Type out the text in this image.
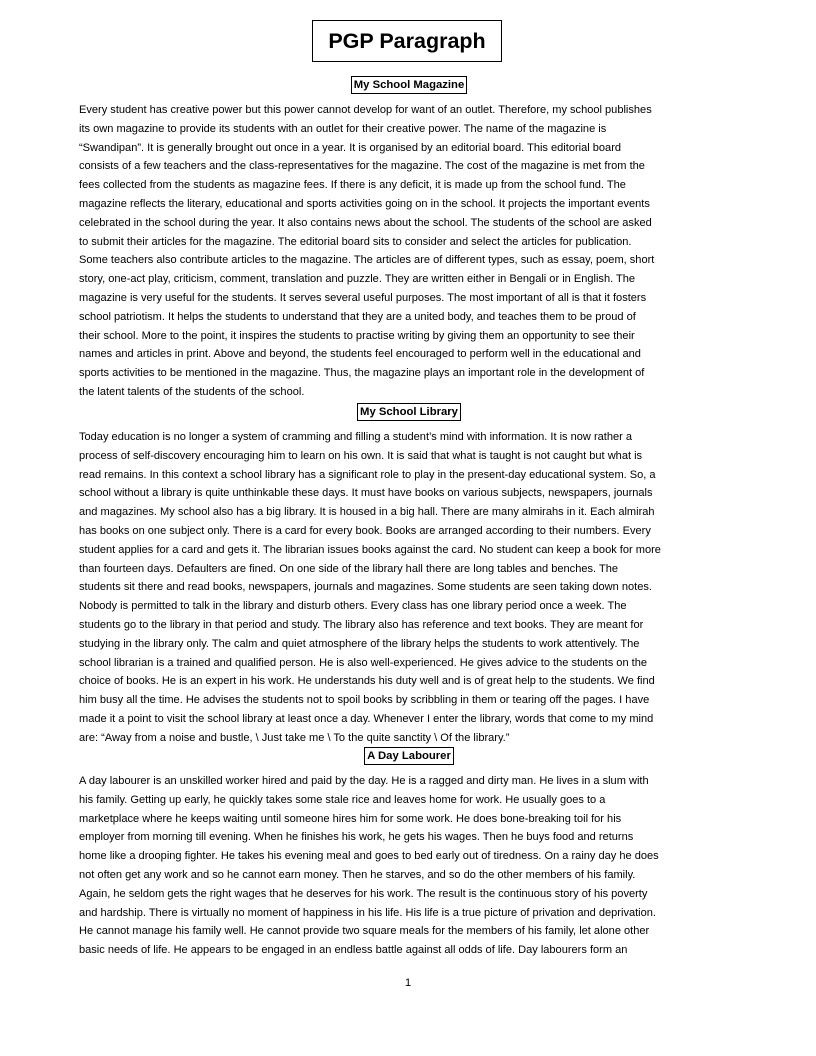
PGP Paragraph
My School Magazine
Every student has creative power but this power cannot develop for want of an outlet. Therefore, my school publishes
its own magazine to provide its students with an outlet for their creative power. The name of the magazine is
“Swandipan”. It is generally brought out once in a year. It is organised by an editorial board. This editorial board
consists of a few teachers and the class-representatives for the magazine. The cost of the magazine is met from the
fees collected from the students as magazine fees. If there is any deficit, it is made up from the school fund. The
magazine reflects the literary, educational and sports activities going on in the school. It projects the important events
celebrated in the school during the year. It also contains news about the school. The students of the school are asked
to submit their articles for the magazine. The editorial board sits to consider and select the articles for publication.
Some teachers also contribute articles to the magazine. The articles are of different types, such as essay, poem, short
story, one-act play, criticism, comment, translation and puzzle. They are written either in Bengali or in English. The
magazine is very useful for the students. It serves several useful purposes. The most important of all is that it fosters
school patriotism. It helps the students to understand that they are a united body, and teaches them to be proud of
their school. More to the point, it inspires the students to practise writing by giving them an opportunity to see their
names and articles in print. Above and beyond, the students feel encouraged to perform well in the educational and
sports activities to be mentioned in the magazine. Thus, the magazine plays an important role in the development of
the latent talents of the students of the school.
My School Library
Today education is no longer a system of cramming and filling a student’s mind with information. It is now rather a
process of self-discovery encouraging him to learn on his own. It is said that what is taught is not caught but what is
read remains. In this context a school library has a significant role to play in the present-day educational system. So, a
school without a library is quite unthinkable these days. It must have books on various subjects, newspapers, journals
and magazines. My school also has a big library. It is housed in a big hall. There are many almirahs in it. Each almirah
has books on one subject only. There is a card for every book. Books are arranged according to their numbers. Every
student applies for a card and gets it. The librarian issues books against the card. No student can keep a book for more
than fourteen days. Defaulters are fined. On one side of the library hall there are long tables and benches. The
students sit there and read books, newspapers, journals and magazines. Some students are seen taking down notes.
Nobody is permitted to talk in the library and disturb others. Every class has one library period once a week. The
students go to the library in that period and study. The library also has reference and text books. They are meant for
studying in the library only. The calm and quiet atmosphere of the library helps the students to work attentively. The
school librarian is a trained and qualified person. He is also well-experienced. He gives advice to the students on the
choice of books. He is an expert in his work. He understands his duty well and is of great help to the students. We find
him busy all the time. He advises the students not to spoil books by scribbling in them or tearing off the pages. I have
made it a point to visit the school library at least once a day. Whenever I enter the library, words that come to my mind
are: “Away from a noise and bustle, \ Just take me \ To the quite sanctity \ Of the library.”
A Day Labourer
A day labourer is an unskilled worker hired and paid by the day. He is a ragged and dirty man. He lives in a slum with
his family. Getting up early, he quickly takes some stale rice and leaves home for work. He usually goes to a
marketplace where he keeps waiting until someone hires him for some work. He does bone-breaking toil for his
employer from morning till evening. When he finishes his work, he gets his wages. Then he buys food and returns
home like a drooping fighter. He takes his evening meal and goes to bed early out of tiredness. On a rainy day he does
not often get any work and so he cannot earn money. Then he starves, and so do the other members of his family.
Again, he seldom gets the right wages that he deserves for his work. The result is the continuous story of his poverty
and hardship. There is virtually no moment of happiness in his life. His life is a true picture of privation and deprivation.
He cannot manage his family well. He cannot provide two square meals for the members of his family, let alone other
basic needs of life. He appears to be engaged in an endless battle against all odds of life. Day labourers form an
1
